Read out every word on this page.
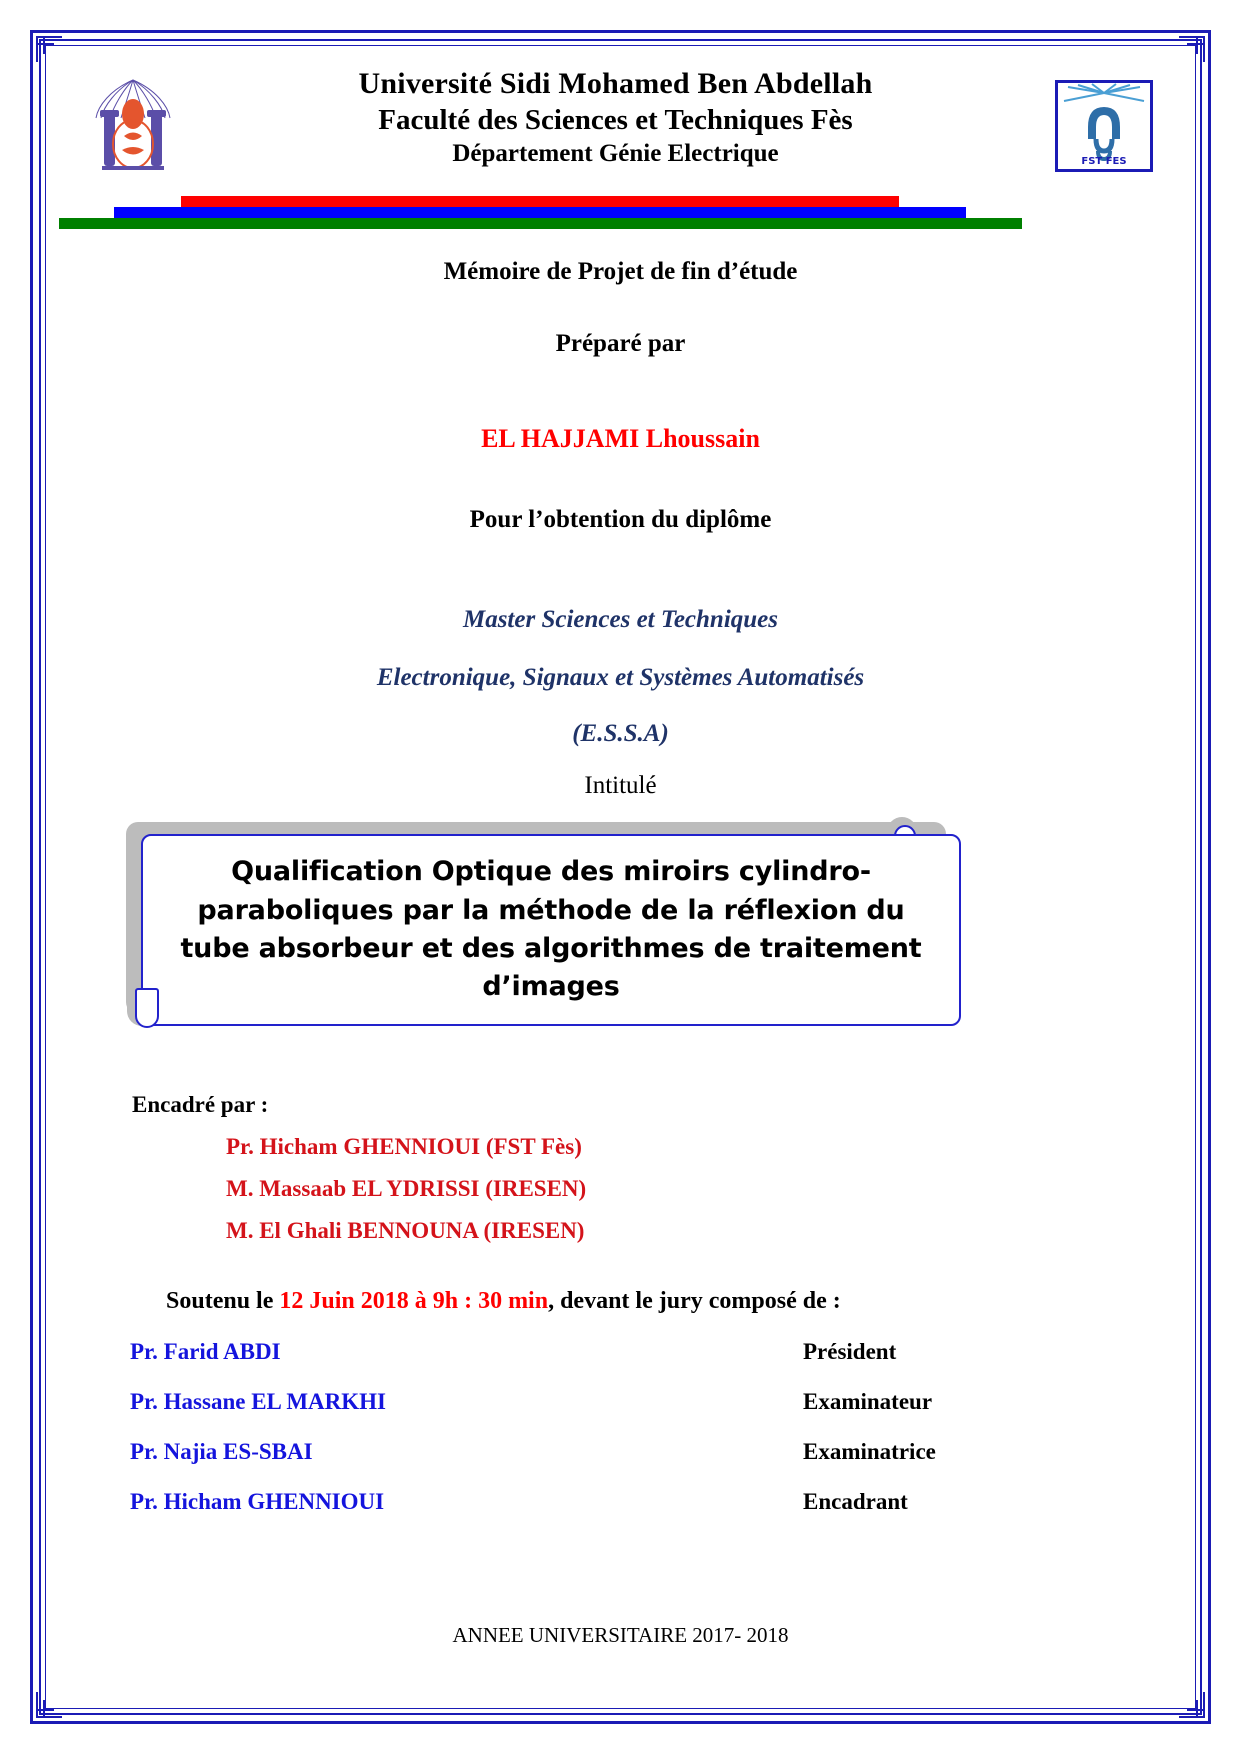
Université Sidi Mohamed Ben Abdellah
Faculté des Sciences et Techniques Fès
Département Génie Electrique	FST FES
Mémoire de Projet de fin d’étude
Préparé par
EL HAJJAMI Lhoussain
Pour l’obtention du diplôme
Master Sciences et Techniques
Electronique, Signaux et Systèmes Automatisés
(E.S.S.A)
Intitulé
Qualification Optique des miroirs cylindro-paraboliques par la méthode de la réflexion du tube absorbeur et des algorithmes de traitement d’images
Encadré par :
Pr. Hicham GHENNIOUI (FST Fès)
M. Massaab EL YDRISSI (IRESEN)
M. El Ghali BENNOUNA (IRESEN)
Soutenu le 12 Juin 2018 à 9h : 30 min, devant le jury composé de :
Pr. Farid ABDI	Président
Pr. Hassane EL MARKHI	Examinateur
Pr. Najia ES-SBAI	Examinatrice
Pr. Hicham GHENNIOUI	Encadrant
ANNEE UNIVERSITAIRE 2017- 2018
